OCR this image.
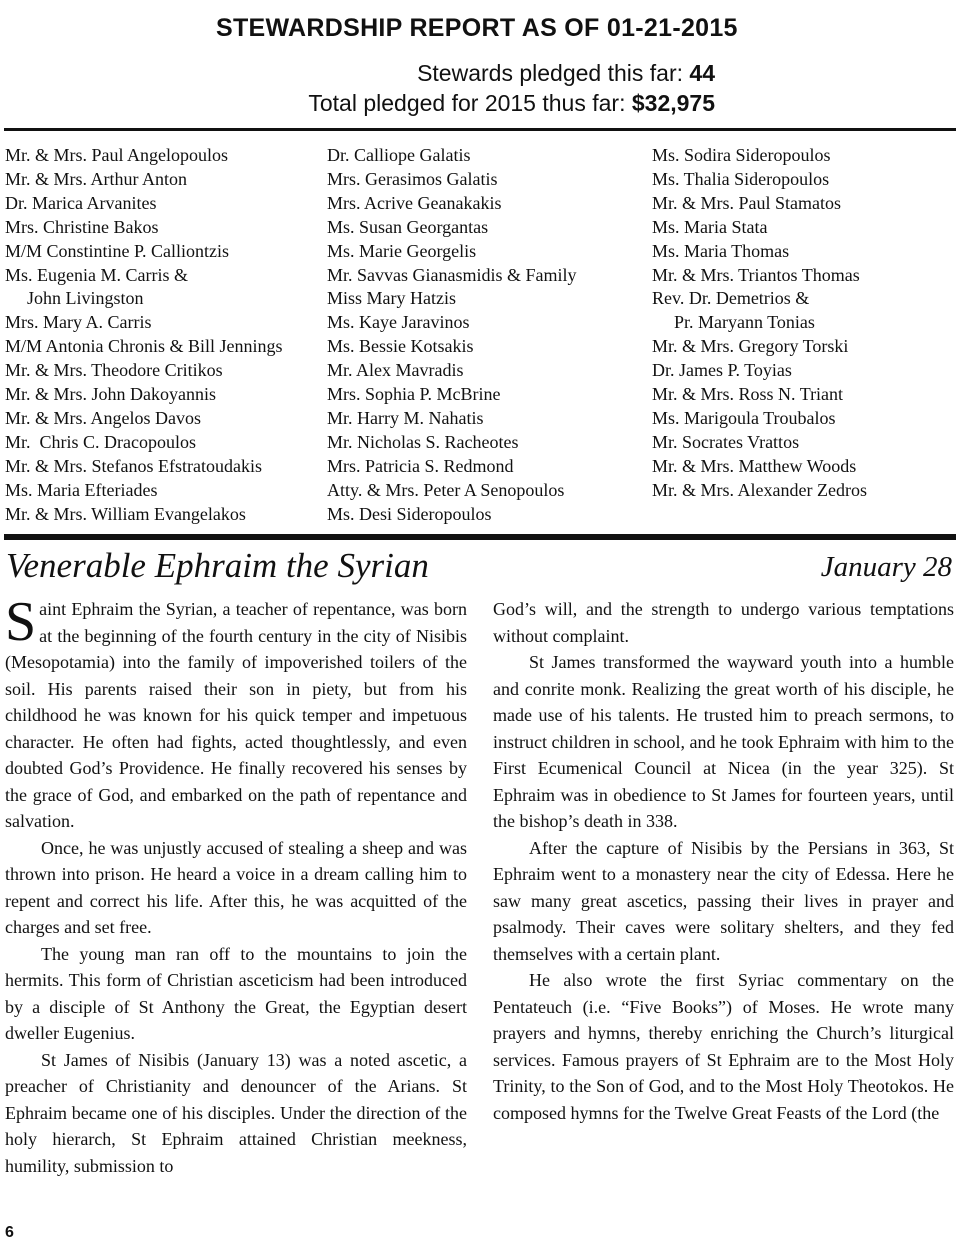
STEWARDSHIP REPORT AS OF 01-21-2015
Stewards pledged this far: 44
Total pledged for 2015 thus far: $32,975
Mr. & Mrs. Paul Angelopoulos
Mr. & Mrs. Arthur Anton
Dr. Marica Arvanites
Mrs. Christine Bakos
M/M Constintine P. Calliontzis
Ms. Eugenia M. Carris &
John Livingston
Mrs. Mary A. Carris
M/M Antonia Chronis & Bill Jennings
Mr. & Mrs. Theodore Critikos
Mr. & Mrs. John Dakoyannis
Mr. & Mrs. Angelos Davos
Mr.  Chris C. Dracopoulos
Mr. & Mrs. Stefanos Efstratoudakis
Ms. Maria Efteriades
Mr. & Mrs. William Evangelakos
Dr. Calliope Galatis
Mrs. Gerasimos Galatis
Mrs. Acrive Geanakakis
Ms. Susan Georgantas
Ms. Marie Georgelis
Mr. Savvas Gianasmidis & Family
Miss Mary Hatzis
Ms. Kaye Jaravinos
Ms. Bessie Kotsakis
Mr. Alex Mavradis
Mrs. Sophia P. McBrine
Mr. Harry M. Nahatis
Mr. Nicholas S. Racheotes
Mrs. Patricia S. Redmond
Atty. & Mrs. Peter A Senopoulos
Ms. Desi Sideropoulos
Ms. Sodira Sideropoulos
Ms. Thalia Sideropoulos
Mr. & Mrs. Paul Stamatos
Ms. Maria Stata
Ms. Maria Thomas
Mr. & Mrs. Triantos Thomas
Rev. Dr. Demetrios &
Pr. Maryann Tonias
Mr. & Mrs. Gregory Torski
Dr. James P. Toyias
Mr. & Mrs. Ross N. Triant
Ms. Marigoula Troubalos
Mr. Socrates Vrattos
Mr. & Mrs. Matthew Woods
Mr. & Mrs. Alexander Zedros
Venerable Ephraim the Syrian	January 28

Saint Ephraim the Syrian, a teacher of repentance, was born at the beginning of the fourth century in the city of Nisibis (Mesopotamia) into the family of impoverished toilers of the soil. His parents raised their son in piety, but from his childhood he was known for his quick temper and impetuous character. He often had fights, acted thoughtlessly, and even doubted God’s Providence. He finally recovered his senses by the grace of God, and embarked on the path of repentance and salvation.

Once, he was unjustly accused of stealing a sheep and was thrown into prison. He heard a voice in a dream calling him to repent and correct his life. After this, he was acquitted of the charges and set free.

The young man ran off to the mountains to join the hermits. This form of Christian asceticism had been introduced by a disciple of St Anthony the Great, the Egyptian desert dweller Eugenius.

St James of Nisibis (January 13) was a noted ascetic, a preacher of Christianity and denouncer of the Arians. St Ephraim became one of his disciples. Under the direction of the holy hierarch, St Ephraim attained Christian meekness, humility, submission to

God’s will, and the strength to undergo various temptations without complaint.

St James transformed the wayward youth into a humble and conrite monk. Realizing the great worth of his disciple, he made use of his talents. He trusted him to preach sermons, to instruct children in school, and he took Ephraim with him to the First Ecumenical Council at Nicea (in the year 325). St Ephraim was in obedience to St James for fourteen years, until the bishop’s death in 338.

After the capture of Nisibis by the Persians in 363, St Ephraim went to a monastery near the city of Edessa. Here he saw many great ascetics, passing their lives in prayer and psalmody. Their caves were solitary shelters, and they fed themselves with a certain plant.

He also wrote the first Syriac commentary on the Pentateuch (i.e. “Five Books”) of Moses. He wrote many prayers and hymns, thereby enriching the Church’s liturgical services. Famous prayers of St Ephraim are to the Most Holy Trinity, to the Son of God, and to the Most Holy Theotokos. He composed hymns for the Twelve Great Feasts of the Lord (the

6
